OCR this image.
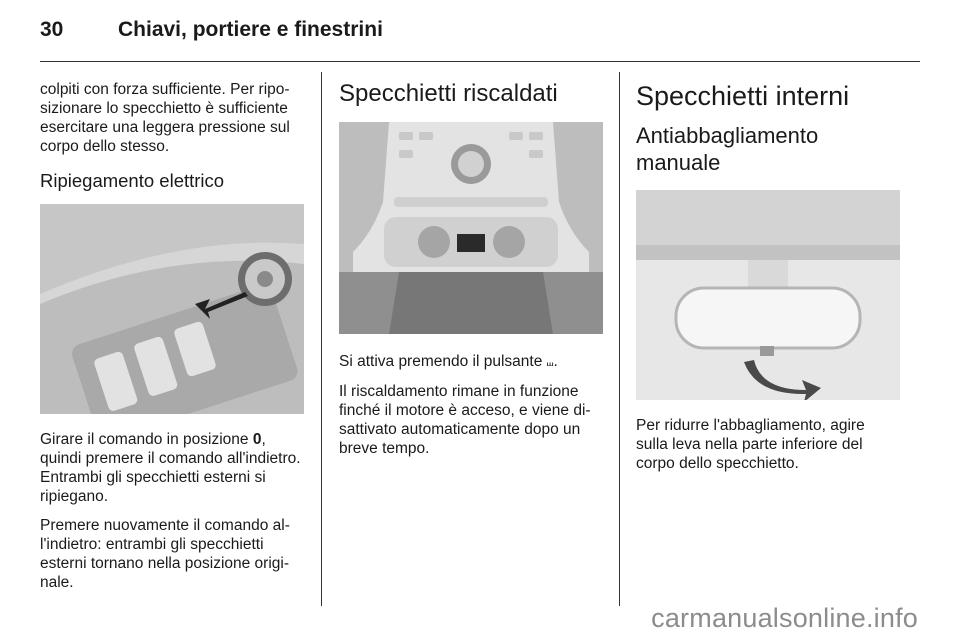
30	Chiavi, portiere e finestrini

colpiti con forza sufficiente. Per riposizionare lo specchietto è sufficiente esercitare una leggera pressione sul corpo dello stesso.

Ripiegamento elettrico

Girare il comando in posizione 0, quindi premere il comando all'indietro. Entrambi gli specchietti esterni si ripiegano.

Premere nuovamente il comando all'indietro: entrambi gli specchietti esterni tornano nella posizione originale.

Specchietti riscaldati

Si attiva premendo il pulsante ⧢.

Il riscaldamento rimane in funzione finché il motore è acceso, e viene disattivato automaticamente dopo un breve tempo.

Specchietti interni
Antiabbagliamento manuale

Per ridurre l'abbagliamento, agire sulla leva nella parte inferiore del corpo dello specchietto.

carmanualsonline.info
